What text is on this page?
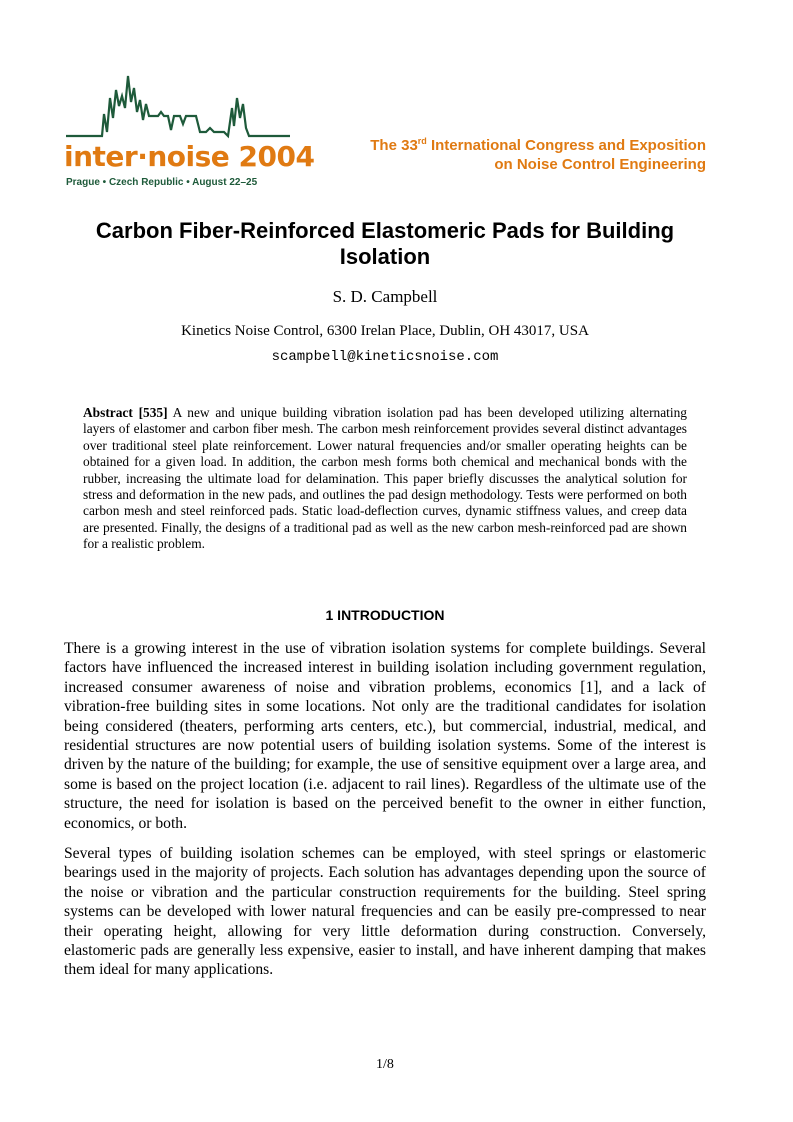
inter·noise 2004
Prague • Czech Republic • August 22–25
The 33rd International Congress and Exposition
on Noise Control Engineering
Carbon Fiber-Reinforced Elastomeric Pads for Building Isolation
S. D. Campbell
Kinetics Noise Control, 6300 Irelan Place, Dublin, OH 43017, USA
scampbell@kineticsnoise.com
Abstract [535] A new and unique building vibration isolation pad has been developed utilizing alternating layers of elastomer and carbon fiber mesh. The carbon mesh reinforcement provides several distinct advantages over traditional steel plate reinforcement. Lower natural frequencies and/or smaller operating heights can be obtained for a given load. In addition, the carbon mesh forms both chemical and mechanical bonds with the rubber, increasing the ultimate load for delamination. This paper briefly discusses the analytical solution for stress and deformation in the new pads, and outlines the pad design methodology. Tests were performed on both carbon mesh and steel reinforced pads. Static load-deflection curves, dynamic stiffness values, and creep data are presented. Finally, the designs of a traditional pad as well as the new carbon mesh-reinforced pad are shown for a realistic problem.
1 INTRODUCTION

There is a growing interest in the use of vibration isolation systems for complete buildings. Several factors have influenced the increased interest in building isolation including government regulation, increased consumer awareness of noise and vibration problems, economics [1], and a lack of vibration-free building sites in some locations. Not only are the traditional candidates for isolation being considered (theaters, performing arts centers, etc.), but commercial, industrial, medical, and residential structures are now potential users of building isolation systems. Some of the interest is driven by the nature of the building; for example, the use of sensitive equipment over a large area, and some is based on the project location (i.e. adjacent to rail lines). Regardless of the ultimate use of the structure, the need for isolation is based on the perceived benefit to the owner in either function, economics, or both.

Several types of building isolation schemes can be employed, with steel springs or elastomeric bearings used in the majority of projects. Each solution has advantages depending upon the source of the noise or vibration and the particular construction requirements for the building. Steel spring systems can be developed with lower natural frequencies and can be easily pre-compressed to near their operating height, allowing for very little deformation during construction. Conversely, elastomeric pads are generally less expensive, easier to install, and have inherent damping that makes them ideal for many applications.

1/8
